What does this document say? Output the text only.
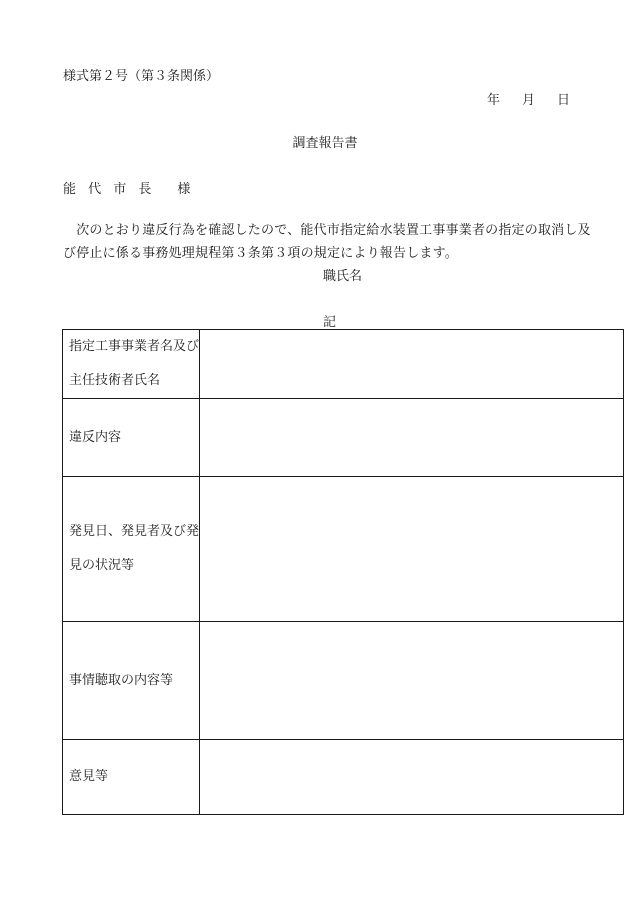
様式第２号（第３条関係）
年 月 日
調査報告書
能 代 市 長 様
　次のとおり違反行為を確認したので、能代市指定給水装置工事事業者の指定の取消し及び停止に係る事務処理規程第３条第３項の規定により報告します。
職氏名
記
指定工事事業者名及び主任技術者氏名	
違反内容	
発見日、発見者及び発見の状況等	
事情聴取の内容等	
意見等	
